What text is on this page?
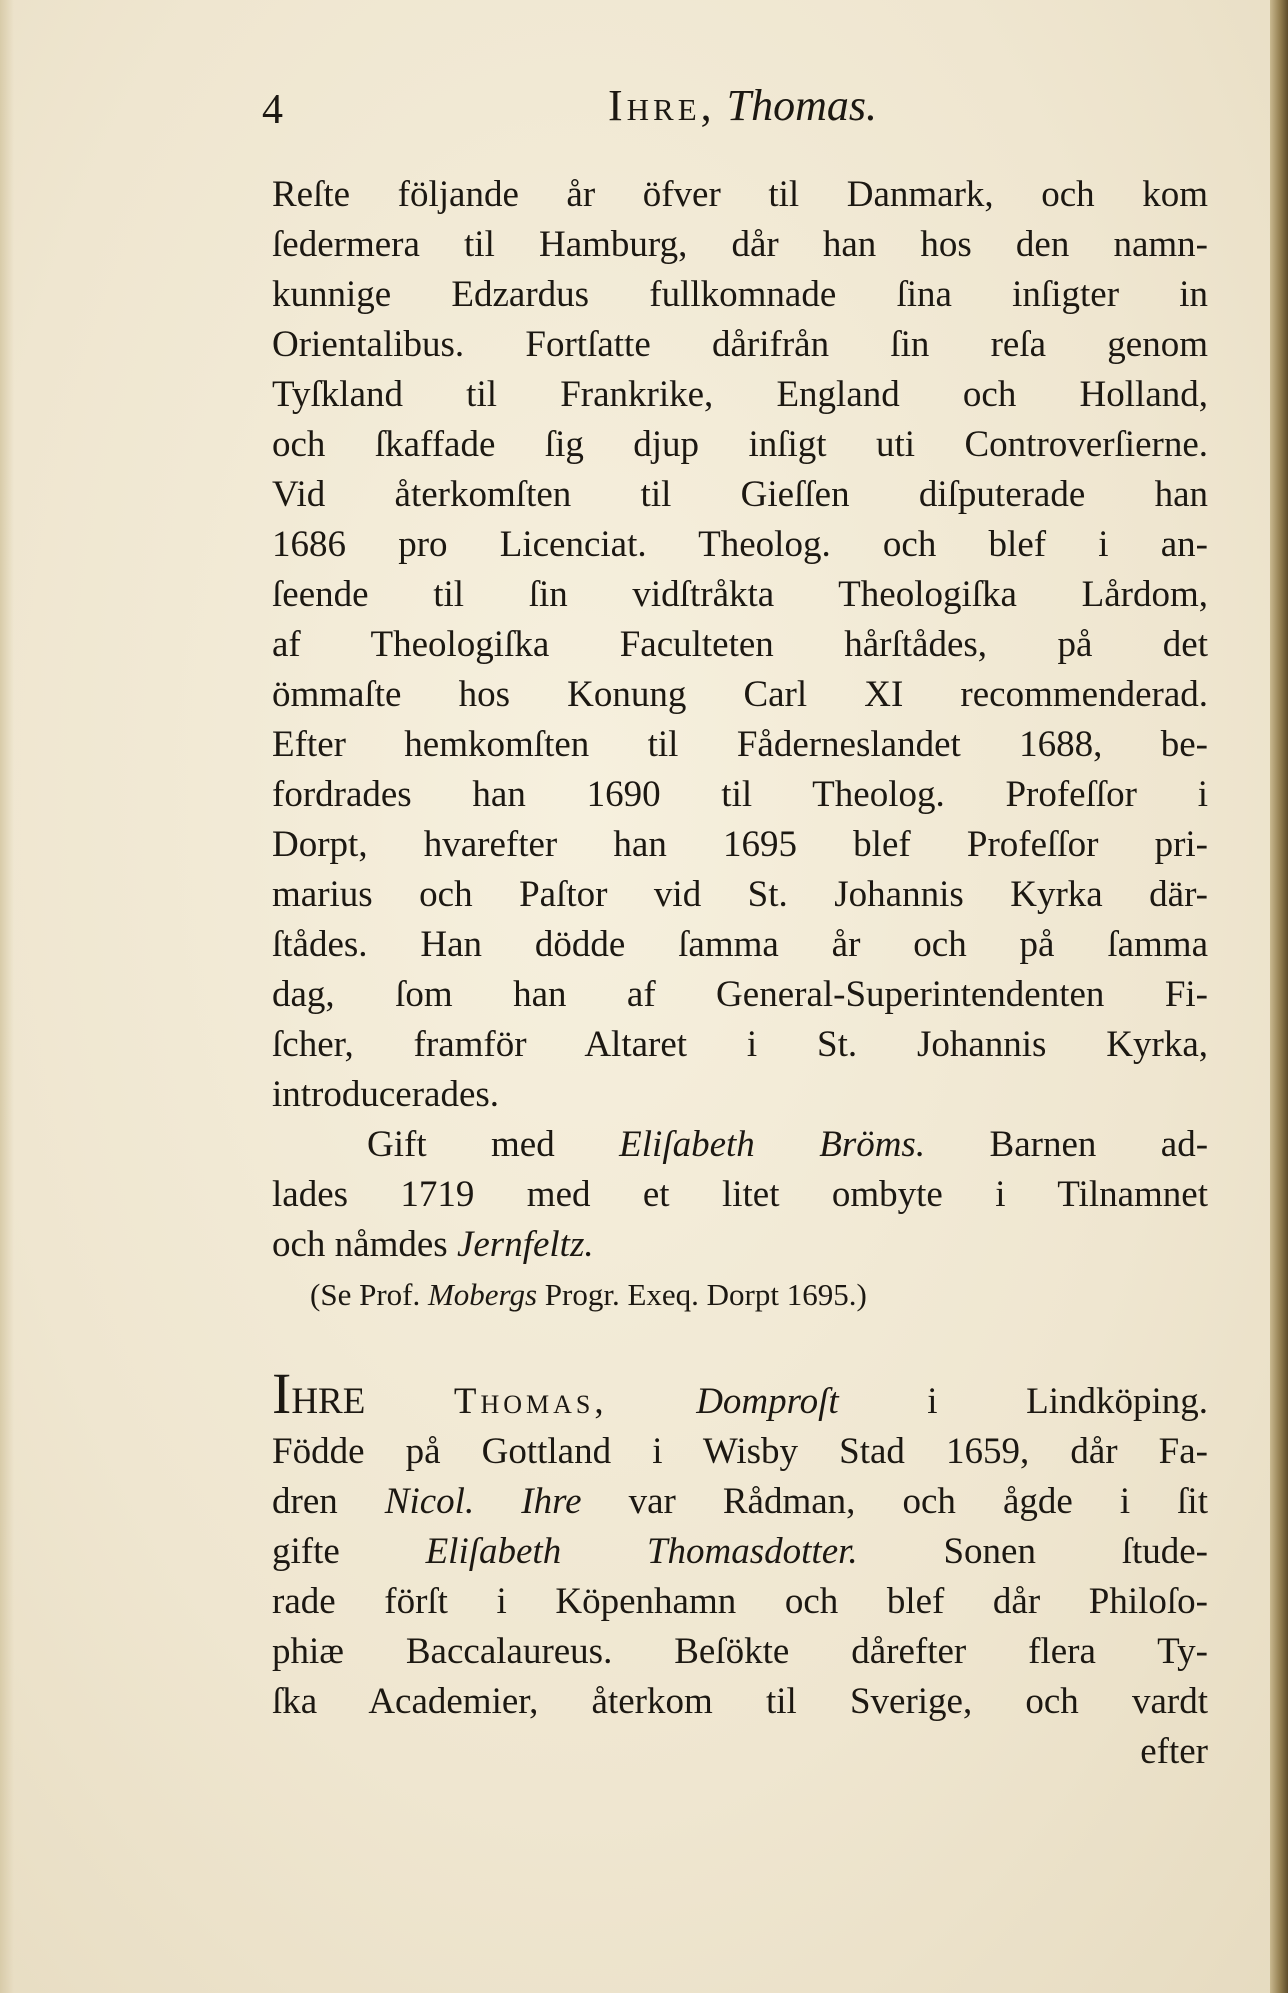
4	Ihre, Thomas.
Reſte följande år öfver til Danmark, och kom
ſedermera til Hamburg, dår han hos den namn-
kunnige Edzardus fullkomnade ſina inſigter in
Orientalibus. Fortſatte dårifrån ſin reſa genom
Tyſkland til Frankrike, England och Holland,
och ſkaffade ſig djup inſigt uti Controverſierne.
Vid återkomſten til Gieſſen diſputerade han
1686 pro Licenciat. Theolog. och blef i an-
ſeende til ſin vidſtråkta Theologiſka Lårdom,
af Theologiſka Faculteten hårſtådes, på det
ömmaſte hos Konung Carl XI recommenderad.
Efter hemkomſten til Fåderneslandet 1688, be-
fordrades han 1690 til Theolog. Profeſſor i
Dorpt, hvarefter han 1695 blef Profeſſor pri-
marius och Paſtor vid St. Johannis Kyrka där-
ſtådes. Han dödde ſamma år och på ſamma
dag, ſom han af General-Superintendenten Fi-
ſcher, framför Altaret i St. Johannis Kyrka,
introducerades.
Gift med Eliſabeth Bröms. Barnen ad-
lades 1719 med et litet ombyte i Tilnamnet
och nåmdes Jernfeltz.
(Se Prof. Mobergs Progr. Exeq. Dorpt 1695.)
IHRE Thomas, Domproſt i Lindköping.
Födde på Gottland i Wisby Stad 1659, dår Fa-
dren Nicol. Ihre var Rådman, och ågde i ſit
gifte Eliſabeth Thomasdotter. Sonen ſtude-
rade förſt i Köpenhamn och blef dår Philoſo-
phiæ Baccalaureus. Beſökte dårefter flera Ty-
ſka Academier, återkom til Sverige, och vardt
efter
